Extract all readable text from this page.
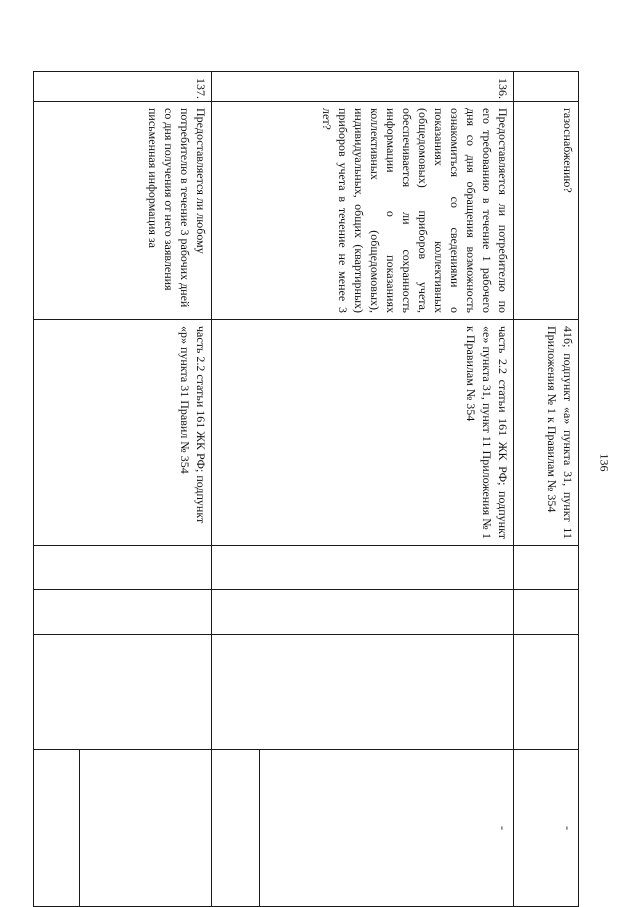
136
	газоснабжению?	41б; подпункт «а» пункта 31, пункт 11 Приложения № 1 к Правилам № 354				-
136.	Предоставляется ли потребителю по его требованию в течение 1 рабочего дня со дня обращения возможность ознакомиться со сведениями о показаниях коллективных (общедомовых) приборов учета, обеспечивается ли сохранность информации о показаниях коллективных (общедомовых), индивидуальных, общих (квартирных) приборов учета в течение не менее 3 лет?	часть 2.2 статьи 161 ЖК РФ; подпункт «е» пункта 31, пункт 11 Приложения № 1 к Правилам № 354				-

137.	Предоставляется ли любому потребителю в течение 3 рабочих дней со дня получения от него заявления письменная информация за	часть 2.2 статьи 161 ЖК РФ; подпункт «р» пункта 31 Правил № 354				
